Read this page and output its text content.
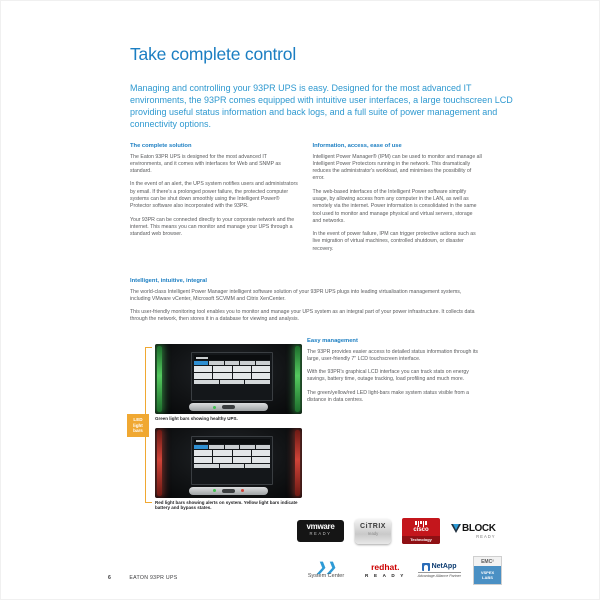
Take complete control

Managing and controlling your 93PR UPS is easy. Designed for the most advanced IT environments, the 93PR comes equipped with intuitive user interfaces, a large touchscreen LCD providing useful status information and back logs, and a full suite of power management and connectivity options.

The complete solution

The Eaton 93PR UPS is designed for the most advanced IT environments, and it comes with interfaces for Web and SNMP as standard.

In the event of an alert, the UPS system notifies users and administrators by email. If there's a prolonged power failure, the protected computer systems can be shut down smoothly using the Intelligent Power® Protector software also incorporated with the 93PR.

Your 93PR can be connected directly to your corporate network and the internet. This means you can monitor and manage your UPS through a standard web browser.

Information, access, ease of use

Intelligent Power Manager® (IPM) can be used to monitor and manage all Intelligent Power Protectors running in the network. This dramatically reduces the administrator's workload, and minimises the possibility of error.

The web-based interfaces of the Intelligent Power software simplify usage, by allowing access from any computer in the LAN, as well as remotely via the internet. Power information is consolidated in the same tool used to monitor and manage physical and virtual servers, storage and networks.

In the event of power failure, IPM can trigger protective actions such as live migration of virtual machines, controlled shutdown, or disaster recovery.

Intelligent, intuitive, integral

The world-class Intelligent Power Manager intelligent software solution of your 93PR UPS plugs into leading virtualisation management systems, including VMware vCenter, Microsoft SCVMM and Citrix XenCenter.

This user-friendly monitoring tool enables you to monitor and manage your UPS system as an integral part of your power infrastructure. It collects data through the network, then stores it in a database for viewing and analysis.

LED light bars
Green light bars showing healthy UPS.
Red light bars showing alerts on system. Yellow light bars indicate battery and bypass states.
Easy management

The 93PR provides easier access to detailed status information through its large, user-friendly 7" LCD touchscreen interface.

With the 93PR's graphical LCD interface you can track stats on energy savings, battery time, outage tracking, load profiling and much more.

The green/yellow/red LED light-bars make system status visible from a distance in data centres.

vmware
READY
CiTRIX
ready	cisco
Technology
BLOCK
READY
❯❯
System Center
redhat.
R E A D Y
NetApp
Advantage Alliance Partner
EMC²
VSPEX LABS
6	EATON 93PR UPS
